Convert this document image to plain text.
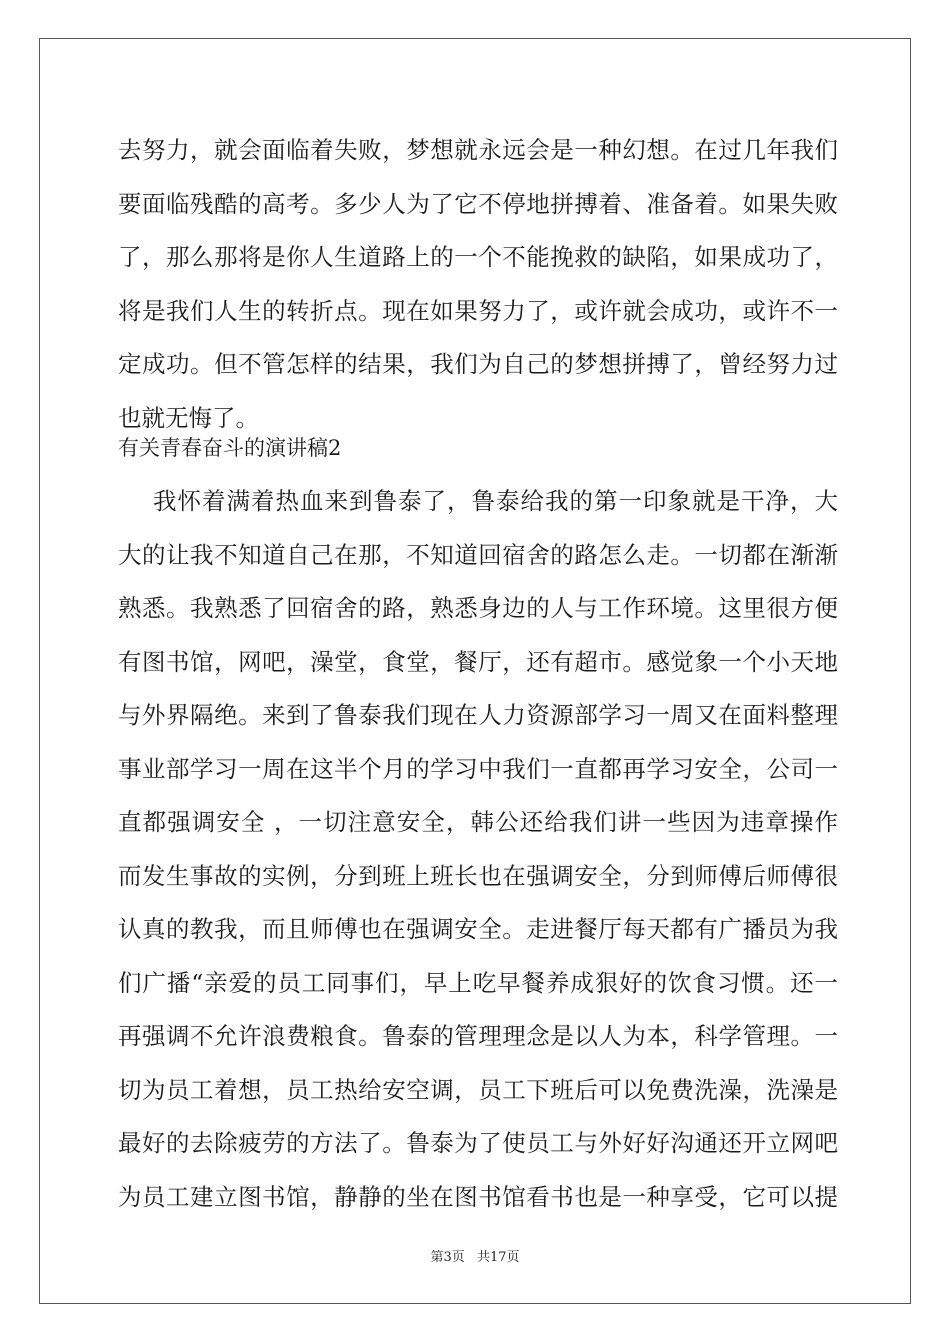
去努力，就会面临着失败，梦想就永远会是一种幻想。在过几年我们
要面临残酷的高考。多少人为了它不停地拼搏着、准备着。如果失败
了，那么那将是你人生道路上的一个不能挽救的缺陷，如果成功了，
将是我们人生的转折点。现在如果努力了，或许就会成功，或许不一
定成功。但不管怎样的结果，我们为自己的梦想拼搏了，曾经努力过
也就无悔了。
有关青春奋斗的演讲稿2
我怀着满着热血来到鲁泰了，鲁泰给我的第一印象就是干净，大
大的让我不知道自己在那，不知道回宿舍的路怎么走。一切都在渐渐
熟悉。我熟悉了回宿舍的路，熟悉身边的人与工作环境。这里很方便
有图书馆，网吧，澡堂，食堂，餐厅，还有超市。感觉象一个小天地
与外界隔绝。来到了鲁泰我们现在人力资源部学习一周又在面料整理
事业部学习一周在这半个月的学习中我们一直都再学习安全，公司一
直都强调安全 ，一切注意安全，韩公还给我们讲一些因为违章操作
而发生事故的实例，分到班上班长也在强调安全，分到师傅后师傅很
认真的教我，而且师傅也在强调安全。走进餐厅每天都有广播员为我
们广播“亲爱的员工同事们，早上吃早餐养成狠好的饮食习惯。还一
再强调不允许浪费粮食。鲁泰的管理理念是以人为本，科学管理。一
切为员工着想，员工热给安空调，员工下班后可以免费洗澡，洗澡是
最好的去除疲劳的方法了。鲁泰为了使员工与外好好沟通还开立网吧
为员工建立图书馆，静静的坐在图书馆看书也是一种享受，它可以提
第3页 共17页
